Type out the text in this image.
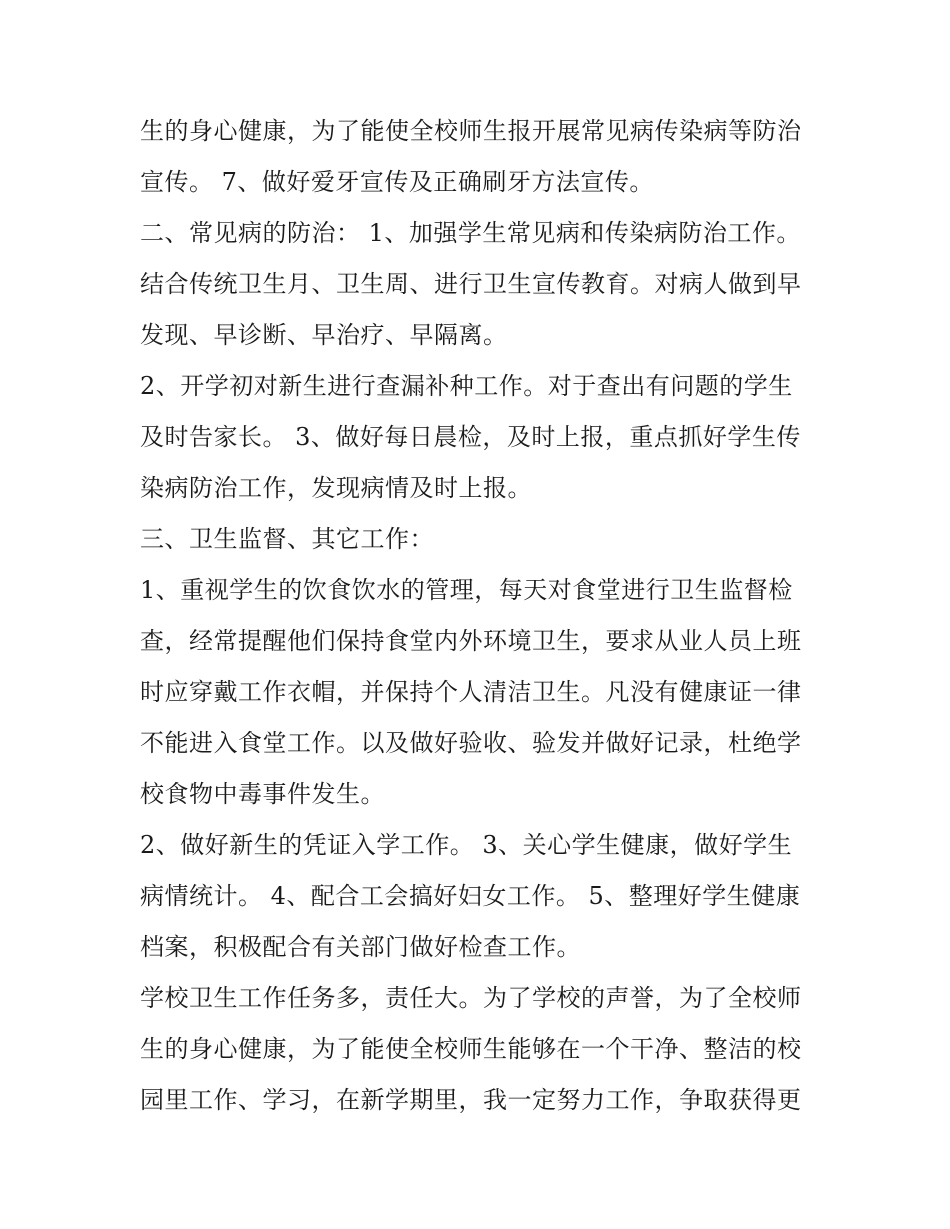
生的身心健康，为了能使全校师生报开展常见病传染病等防治
宣传。 7、做好爱牙宣传及正确刷牙方法宣传。
二、常见病的防治： 1、加强学生常见病和传染病防治工作。
结合传统卫生月、卫生周、进行卫生宣传教育。对病人做到早
发现、早诊断、早治疗、早隔离。
2、开学初对新生进行查漏补种工作。对于查出有问题的学生
及时告家长。 3、做好每日晨检，及时上报，重点抓好学生传
染病防治工作，发现病情及时上报。
三、卫生监督、其它工作：
1、重视学生的饮食饮水的管理，每天对食堂进行卫生监督检
查，经常提醒他们保持食堂内外环境卫生，要求从业人员上班
时应穿戴工作衣帽，并保持个人清洁卫生。凡没有健康证一律
不能进入食堂工作。以及做好验收、验发并做好记录，杜绝学
校食物中毒事件发生。
2、做好新生的凭证入学工作。 3、关心学生健康，做好学生
病情统计。 4、配合工会搞好妇女工作。 5、整理好学生健康
档案，积极配合有关部门做好检查工作。
学校卫生工作任务多，责任大。为了学校的声誉，为了全校师
生的身心健康，为了能使全校师生能够在一个干净、整洁的校
园里工作、学习，在新学期里，我一定努力工作，争取获得更
